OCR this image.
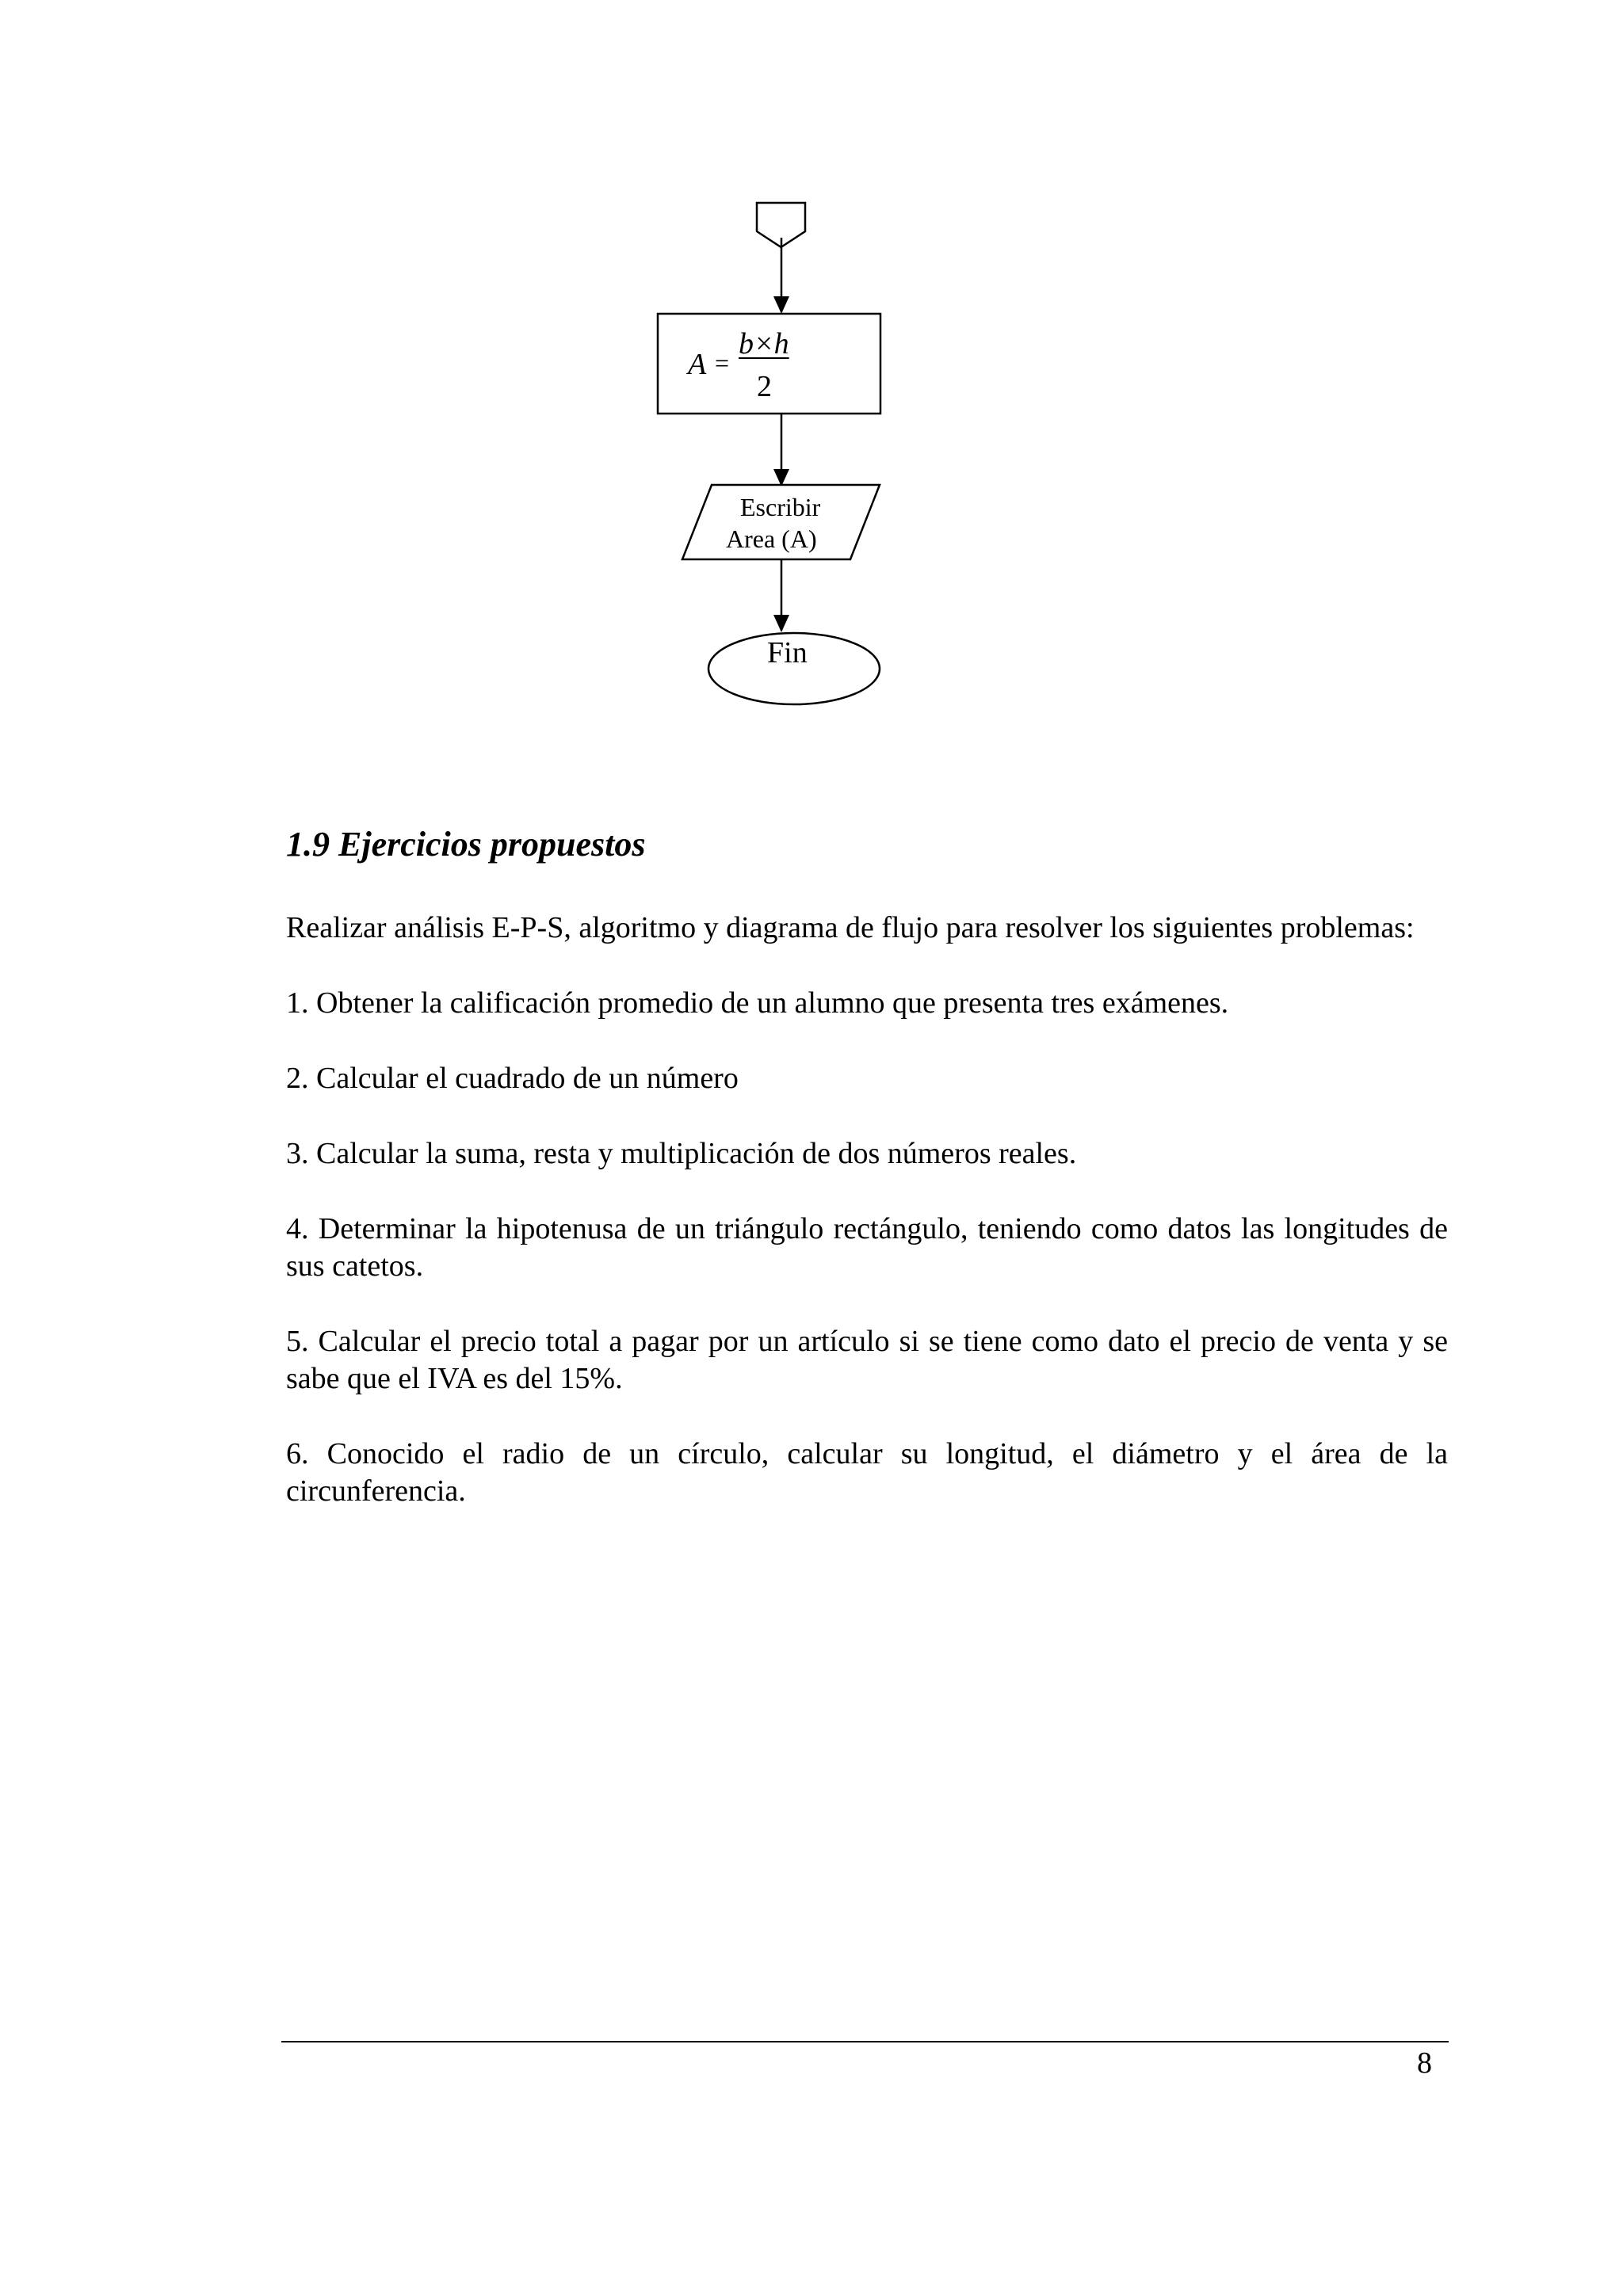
A =
b×h
2
Escribir
Area (A)
Fin
1.9 Ejercicios propuestos

Realizar análisis E-P-S, algoritmo y diagrama de flujo para resolver los siguientes problemas:

1. Obtener la calificación promedio de un alumno que presenta tres exámenes.

2. Calcular el cuadrado de un número

3. Calcular la suma, resta y multiplicación de dos números reales.

4. Determinar la hipotenusa de un triángulo rectángulo, teniendo como datos las longitudes de sus catetos.

5. Calcular el precio total a pagar por un artículo si se tiene como dato el precio de venta y se sabe que el IVA es del 15%.

6. Conocido el radio de un círculo, calcular su longitud, el diámetro y el área de la circunferencia.

8
